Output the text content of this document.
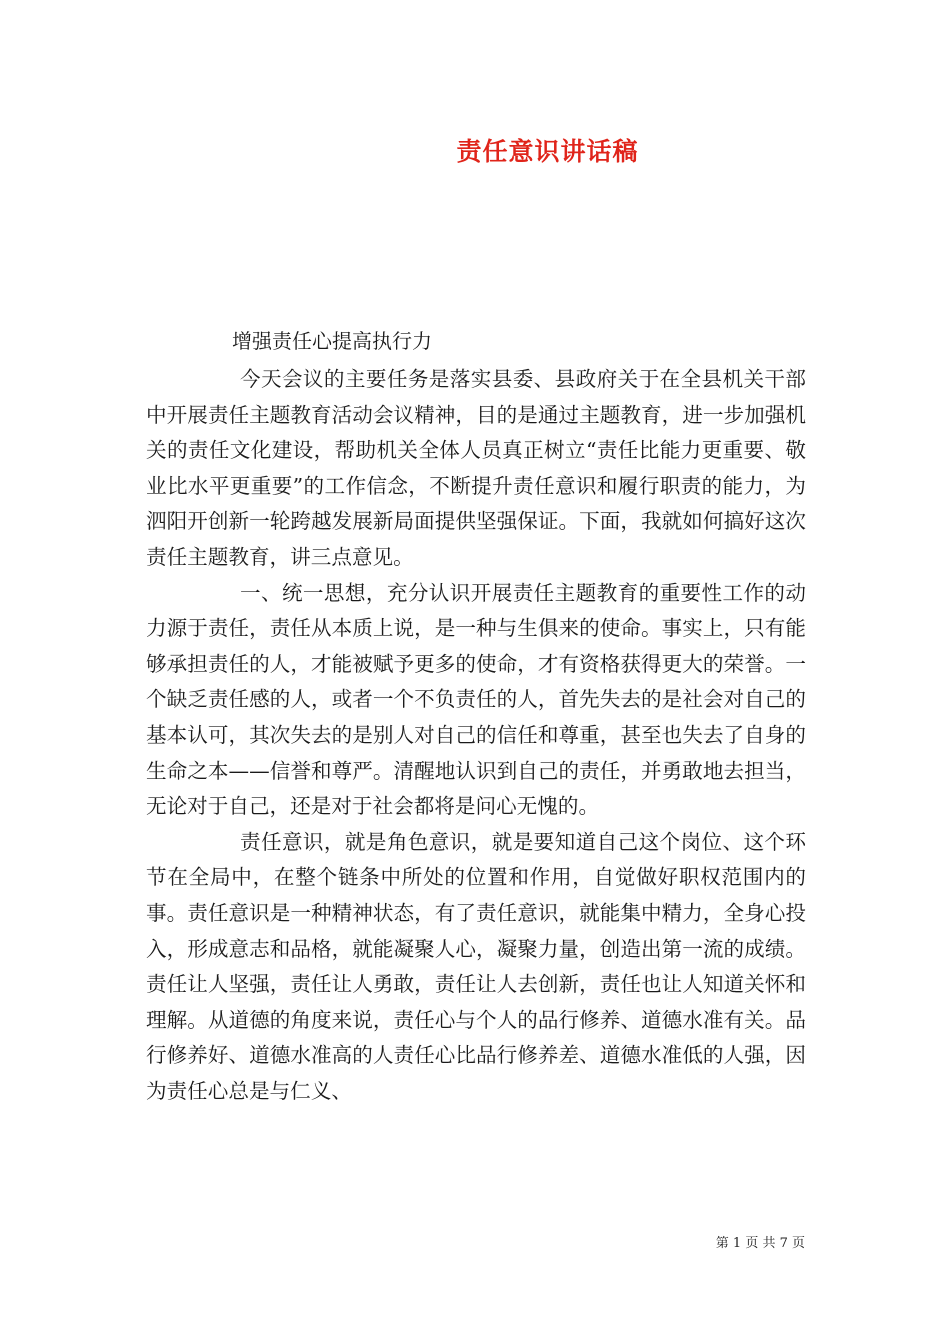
责任意识讲话稿
增强责任心提高执行力

今天会议的主要任务是落实县委、县政府关于在全县机关干部中开展责任主题教育活动会议精神，目的是通过主题教育，进一步加强机关的责任文化建设，帮助机关全体人员真正树立“责任比能力更重要、敬业比水平更重要”的工作信念，不断提升责任意识和履行职责的能力，为泗阳开创新一轮跨越发展新局面提供坚强保证。下面，我就如何搞好这次责任主题教育，讲三点意见。

一、统一思想，充分认识开展责任主题教育的重要性工作的动力源于责任，责任从本质上说，是一种与生俱来的使命。事实上，只有能够承担责任的人，才能被赋予更多的使命，才有资格获得更大的荣誉。一个缺乏责任感的人，或者一个不负责任的人，首先失去的是社会对自己的基本认可，其次失去的是别人对自己的信任和尊重，甚至也失去了自身的生命之本——信誉和尊严。清醒地认识到自己的责任，并勇敢地去担当，无论对于自己，还是对于社会都将是问心无愧的。

责任意识，就是角色意识，就是要知道自己这个岗位、这个环节在全局中，在整个链条中所处的位置和作用，自觉做好职权范围内的事。责任意识是一种精神状态，有了责任意识，就能集中精力，全身心投入，形成意志和品格，就能凝聚人心，凝聚力量，创造出第一流的成绩。责任让人坚强，责任让人勇敢，责任让人去创新，责任也让人知道关怀和理解。从道德的角度来说，责任心与个人的品行修养、道德水准有关。品行修养好、道德水准高的人责任心比品行修养差、道德水准低的人强，因为责任心总是与仁义、

第 1 页 共 7 页
